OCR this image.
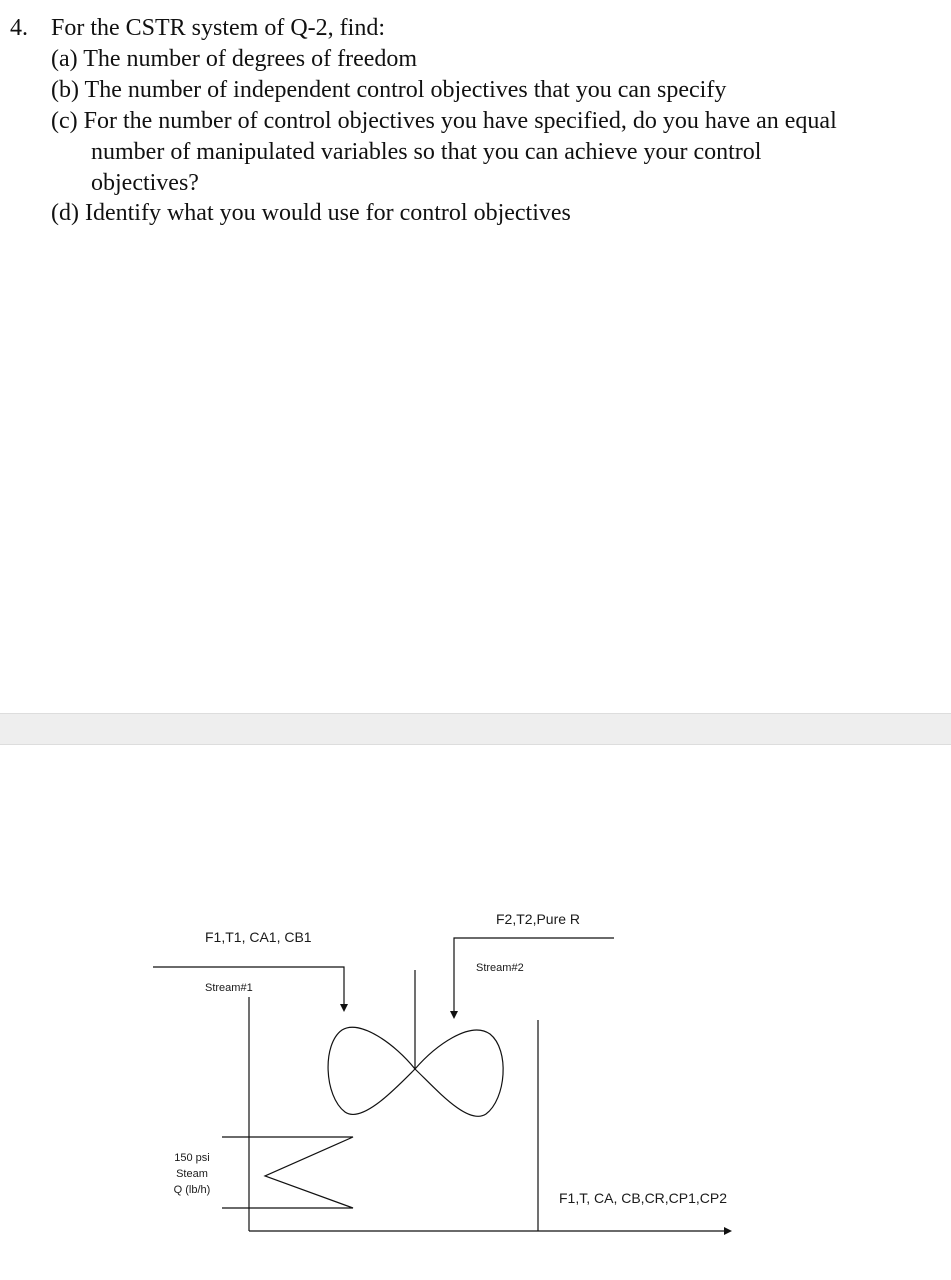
4. For the CSTR system of Q-2, find:
(a) The number of degrees of freedom
(b) The number of independent control objectives that you can specify
(c) For the number of control objectives you have specified, do you have an equal
number of manipulated variables so that you can achieve your control
objectives?
(d) Identify what you would use for control objectives
F1,T1, CA1, CB1
Stream#1
F2,T2,Pure R
Stream#2
150 psi
Steam
Q (lb/h)	F1,T, CA, CB,CR,CP1,CP2
